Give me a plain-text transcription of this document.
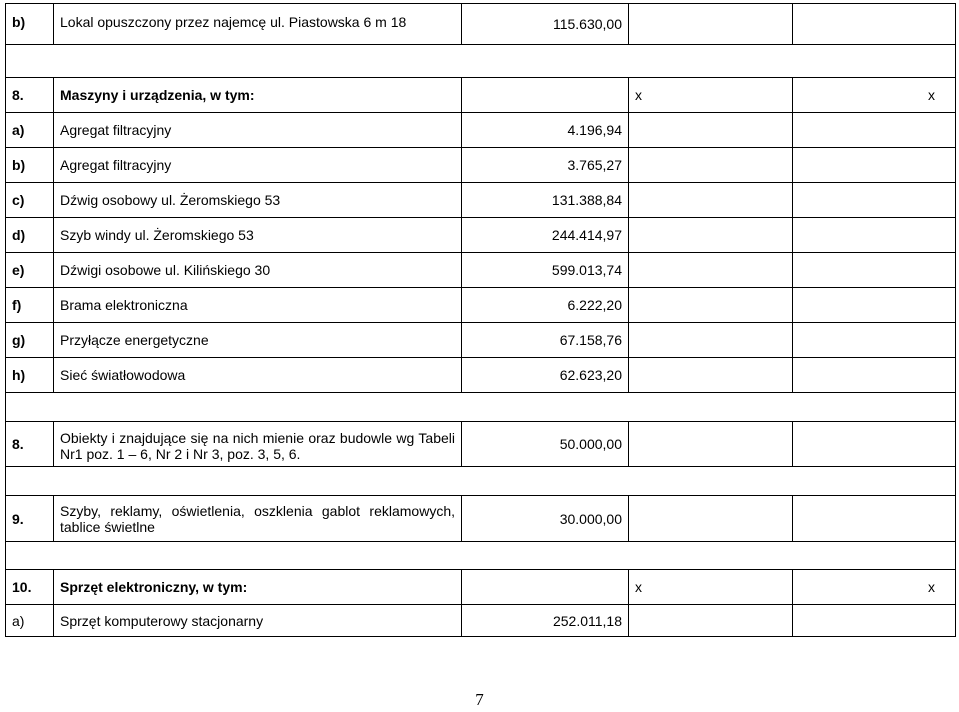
b)	Lokal opuszczony przez najemcę ul. Piastowska 6 m 18	115.630,00		

8.	Maszyny i urządzenia, w tym:		x	x
a)	Agregat filtracyjny	4.196,94		
b)	Agregat filtracyjny	3.765,27		
c)	Dźwig osobowy ul. Żeromskiego 53	131.388,84		
d)	Szyb windy ul. Żeromskiego 53	244.414,97		
e)	Dźwigi osobowe ul. Kilińskiego 30	599.013,74		
f)	Brama elektroniczna	6.222,20		
g)	Przyłącze energetyczne	67.158,76		
h)	Sieć światłowodowa	62.623,20		

8.	Obiekty i znajdujące się na nich mienie oraz budowle wg Tabeli Nr1 poz. 1 – 6, Nr 2 i Nr 3, poz. 3, 5, 6.	50.000,00		

9.	Szyby, reklamy, oświetlenia, oszklenia gablot reklamowych, tablice świetlne	30.000,00		

10.	Sprzęt elektroniczny, w tym:		x	x
a)	Sprzęt komputerowy stacjonarny	252.011,18		
7
